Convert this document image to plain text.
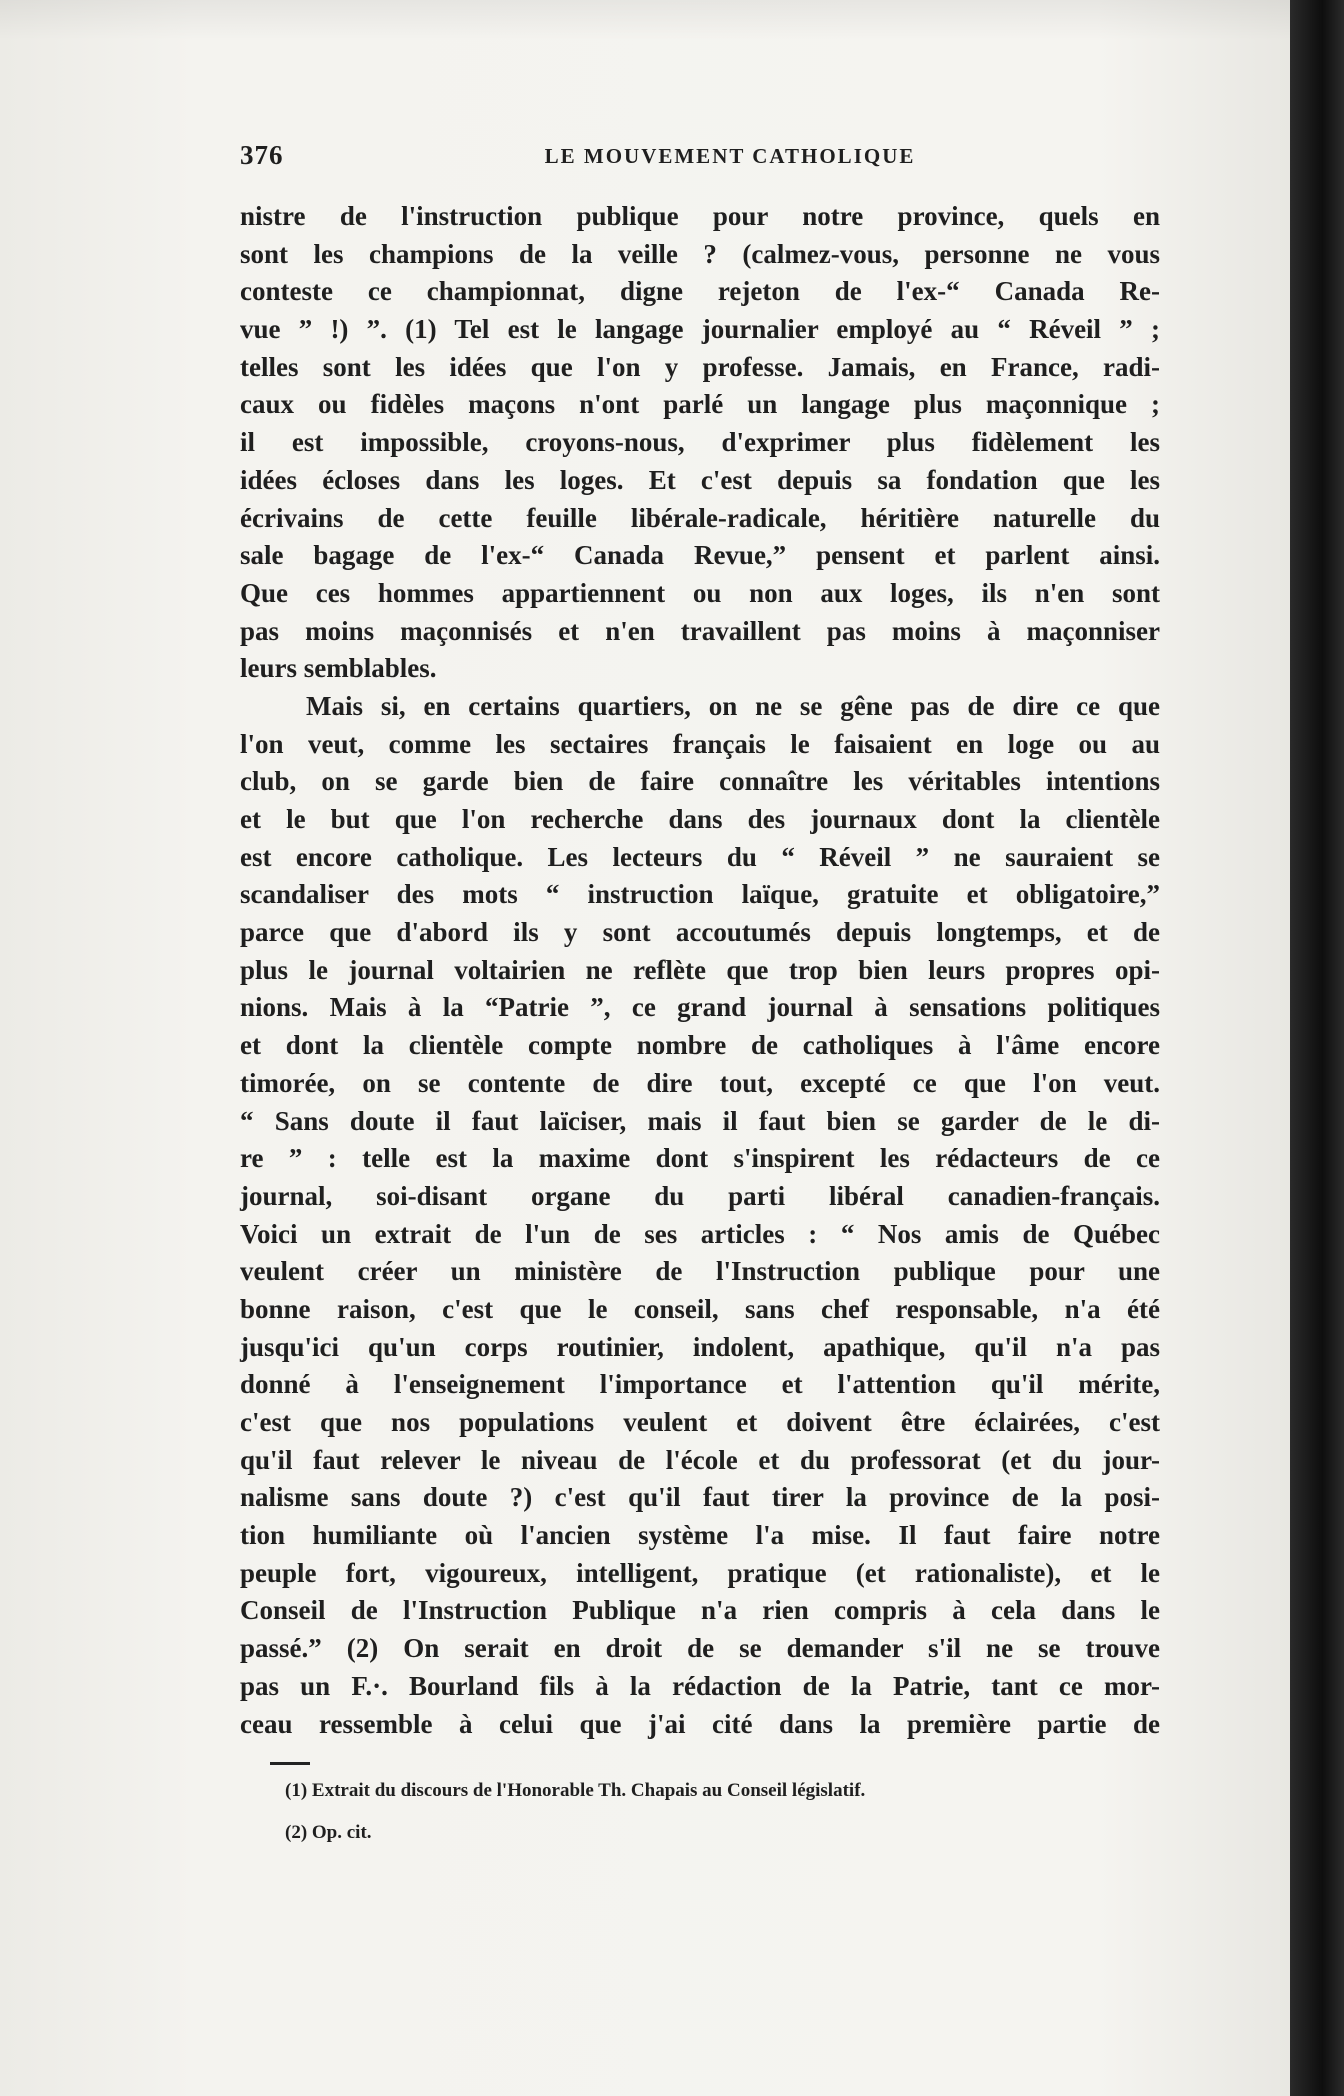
376	LE MOUVEMENT CATHOLIQUE
nistre de l'instruction publique pour notre province, quels en
sont les champions de la veille ? (calmez-vous, personne ne vous
conteste ce championnat, digne rejeton de l'ex-“ Canada Re-
vue ” !) ”. (1) Tel est le langage journalier employé au “ Réveil ” ;
telles sont les idées que l'on y professe. Jamais, en France, radi-
caux ou fidèles maçons n'ont parlé un langage plus maçonnique ;
il est impossible, croyons-nous, d'exprimer plus fidèlement les
idées écloses dans les loges. Et c'est depuis sa fondation que les
écrivains de cette feuille libérale-radicale, héritière naturelle du
sale bagage de l'ex-“ Canada Revue,” pensent et parlent ainsi.
Que ces hommes appartiennent ou non aux loges, ils n'en sont
pas moins maçonnisés et n'en travaillent pas moins à maçonniser
leurs semblables.
Mais si, en certains quartiers, on ne se gêne pas de dire ce que
l'on veut, comme les sectaires français le faisaient en loge ou au
club, on se garde bien de faire connaître les véritables intentions
et le but que l'on recherche dans des journaux dont la clientèle
est encore catholique. Les lecteurs du “ Réveil ” ne sauraient se
scandaliser des mots “ instruction laïque, gratuite et obligatoire,”
parce que d'abord ils y sont accoutumés depuis longtemps, et de
plus le journal voltairien ne reflète que trop bien leurs propres opi-
nions. Mais à la “Patrie ”, ce grand journal à sensations politiques
et dont la clientèle compte nombre de catholiques à l'âme encore
timorée, on se contente de dire tout, excepté ce que l'on veut.
“ Sans doute il faut laïciser, mais il faut bien se garder de le di-
re ” : telle est la maxime dont s'inspirent les rédacteurs de ce
journal, soi-disant organe du parti libéral canadien-français.
Voici un extrait de l'un de ses articles : “ Nos amis de Québec
veulent créer un ministère de l'Instruction publique pour une
bonne raison, c'est que le conseil, sans chef responsable, n'a été
jusqu'ici qu'un corps routinier, indolent, apathique, qu'il n'a pas
donné à l'enseignement l'importance et l'attention qu'il mérite,
c'est que nos populations veulent et doivent être éclairées, c'est
qu'il faut relever le niveau de l'école et du professorat (et du jour-
nalisme sans doute ?) c'est qu'il faut tirer la province de la posi-
tion humiliante où l'ancien système l'a mise. Il faut faire notre
peuple fort, vigoureux, intelligent, pratique (et rationaliste), et le
Conseil de l'Instruction Publique n'a rien compris à cela dans le
passé.” (2) On serait en droit de se demander s'il ne se trouve
pas un F.·. Bourland fils à la rédaction de la Patrie, tant ce mor-
ceau ressemble à celui que j'ai cité dans la première partie de
(1) Extrait du discours de l'Honorable Th. Chapais au Conseil législatif.
(2) Op. cit.
